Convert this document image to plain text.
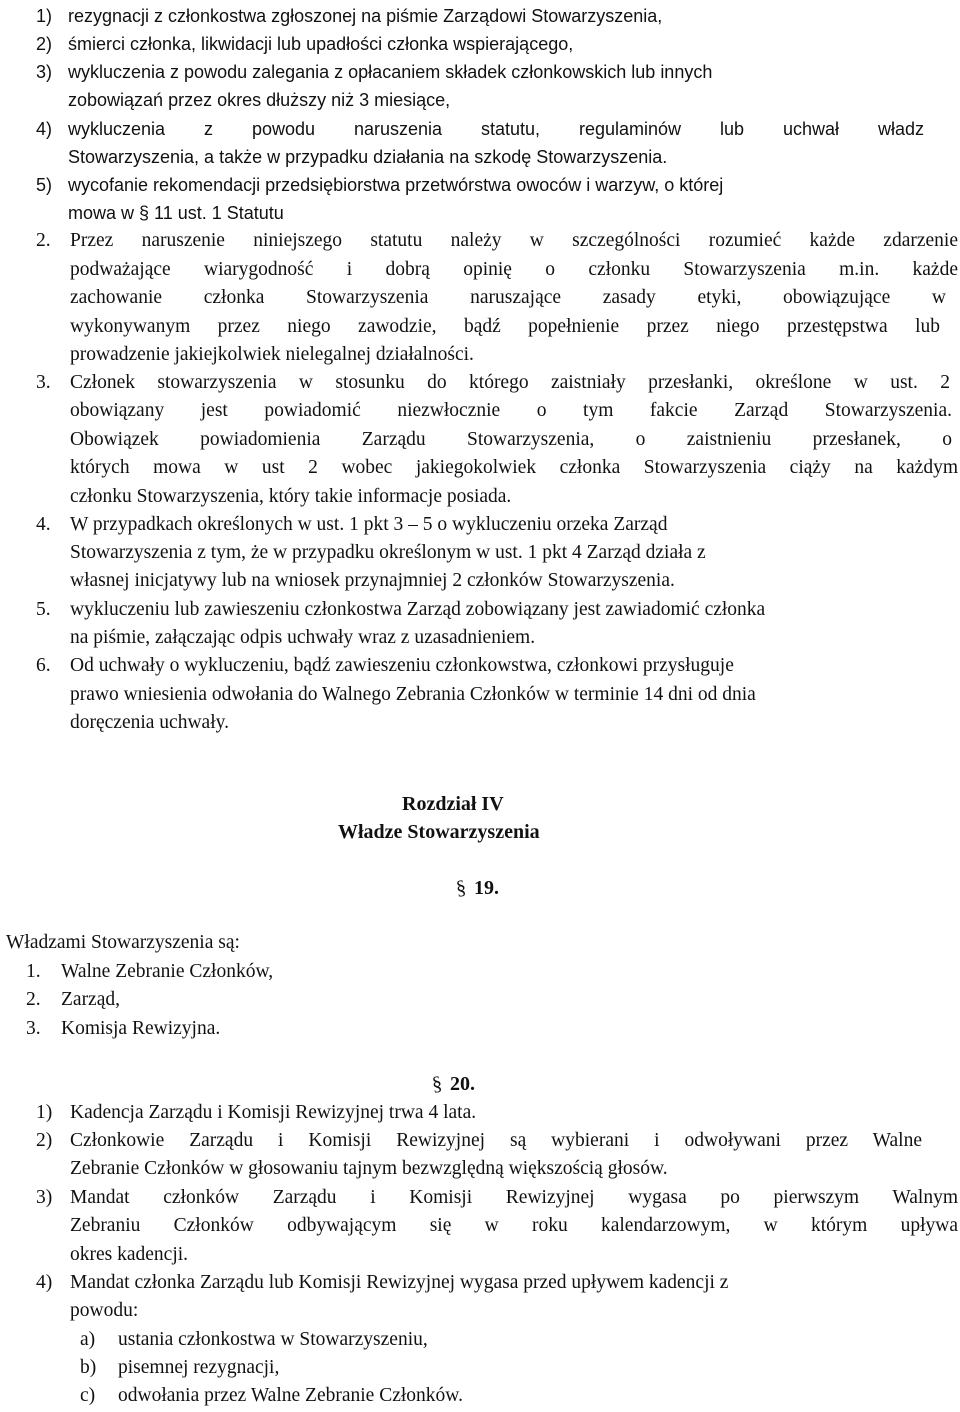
1) rezygnacji z członkostwa zgłoszonej na piśmie Zarządowi Stowarzyszenia,
2) śmierci członka, likwidacji lub upadłości członka wspierającego,
3) wykluczenia z powodu zalegania z opłacaniem składek członkowskich lub innych
zobowiązań przez okres dłuższy niż 3 miesiące,
4) wykluczenia z powodu naruszenia statutu, regulaminów lub uchwał władz
Stowarzyszenia, a także w przypadku działania na szkodę Stowarzyszenia.
5) wycofanie rekomendacji przedsiębiorstwa przetwórstwa owoców i warzyw, o której
mowa w § 11 ust. 1 Statutu
2. Przez naruszenie niniejszego statutu należy w szczególności rozumieć każde zdarzenie
podważające wiarygodność i dobrą opinię o członku Stowarzyszenia m.in. każde
zachowanie członka Stowarzyszenia naruszające zasady etyki, obowiązujące w
wykonywanym przez niego zawodzie, bądź popełnienie przez niego przestępstwa lub
prowadzenie jakiejkolwiek nielegalnej działalności.
3. Członek stowarzyszenia w stosunku do którego zaistniały przesłanki, określone w ust. 2
obowiązany jest powiadomić niezwłocznie o tym fakcie Zarząd Stowarzyszenia.
Obowiązek powiadomienia Zarządu Stowarzyszenia, o zaistnieniu przesłanek, o
których mowa w ust 2 wobec jakiegokolwiek członka Stowarzyszenia ciąży na każdym
członku Stowarzyszenia, który takie informacje posiada.
4. W przypadkach określonych w ust. 1 pkt 3 – 5 o wykluczeniu orzeka Zarząd
Stowarzyszenia z tym, że w przypadku określonym w ust. 1 pkt 4 Zarząd działa z
własnej inicjatywy lub na wniosek przynajmniej 2 członków Stowarzyszenia.
5. wykluczeniu lub zawieszeniu członkostwa Zarząd zobowiązany jest zawiadomić członka
na piśmie, załączając odpis uchwały wraz z uzasadnieniem.
6. Od uchwały o wykluczeniu, bądź zawieszeniu członkowstwa, członkowi przysługuje
prawo wniesienia odwołania do Walnego Zebrania Członków w terminie 14 dni od dnia
doręczenia uchwały.
Rozdział IV
Władze Stowarzyszenia
§ 19.
Władzami Stowarzyszenia są:
1. Walne Zebranie Członków,
2. Zarząd,
3. Komisja Rewizyjna.
§ 20.
1) Kadencja Zarządu i Komisji Rewizyjnej trwa 4 lata.
2) Członkowie Zarządu i Komisji Rewizyjnej są wybierani i odwoływani przez Walne
Zebranie Członków w głosowaniu tajnym bezwzględną większością głosów.
3) Mandat członków Zarządu i Komisji Rewizyjnej wygasa po pierwszym Walnym
Zebraniu Członków odbywającym się w roku kalendarzowym, w którym upływa
okres kadencji.
4) Mandat członka Zarządu lub Komisji Rewizyjnej wygasa przed upływem kadencji z
powodu:
a) ustania członkostwa w Stowarzyszeniu,
b) pisemnej rezygnacji,
c) odwołania przez Walne Zebranie Członków.
